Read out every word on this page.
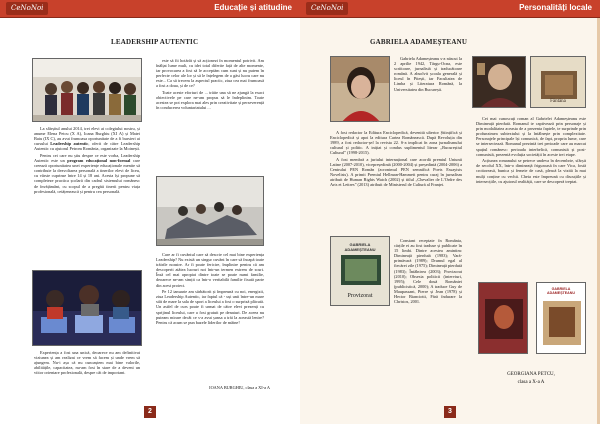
CeNoNoi	Educație și atitudine
LEADERSHIP AUTENTIC

La sfârșitul anului 2014, trei elevi ai colegiului nostru, și anume Elena Petcu (X A), Ioana Burghiu (XI A) și Matei Baiu (IX C), au avut frumoasa oportunitate de a fi bursieri ai cursului Leadership autentic, oferit de către Leadership Autentic cu ajutorul Petrom România, organizate la Moinești.

Pentru cei care nu știu despre ce este vorba, Leadership Autentic este un program educațional non-formal care creează oportunitatea unei experiențe educaționale menite să contribuie la dezvoltarea personală a tinerilor elevi de liceu, cu vârste cuprinse între 14 și 18 ani. Acesta își propune să completeze practica școlară din cadrul sistemului românesc de învățământ, cu scopul de a pregăti tinerii pentru viața profesională, cetățenească și pentru cea personală.

Experiența a fost una unică, deoarece nu am definitivat viziunea și am realizat ce vrem să facem și unde vrem să ajungem. Nu-i așa că nu cunoaștem mai bine valorile, abilitățile, capacitatea, nu-am fost în stare de a deveni un viitor orientare profesională, despre cât de important.

este să fii hotărât și să acționezi în momentul potrivit. Am înălțat lume mult, cu idei total diferite față de alte momente, iar provocarea a fost să le acceptăm cum sunt și nu putem în perfecte celor ale lor și să le înțelegem de a găsi lucru care nu este... Ca să trecem la aspectul practic, ziua cea mai frumoasă a fost a doua, și de ce?

Toate aceste eforturi de ... trăite una să ne ajungă la exact obiectivele pe care ne-am propus să le îndeplinim. Toate acestea se pot explora mai ales prin creativitate și perseverență în conducerea voluntariatului ...

Care ar fi cuvântul care să descrie cel mai bine experiența Leadership? Nu există un singur cuvânt în care să încapă toate trăirile noastre. Ar fi poate fericire, împlinire pentru că am descoperit atâtea lucruri noi într-un termen extrem de scurt. Însă cel mai apropiat dintre toate se poate numi familie, deoarece ne-am simțit ca într-o veritabilă familie fixată parte din acest proiect.

Pe 12 ianuarie am sărbătorit și împreună cu noi, energizii, ziua Leadership Autentic, iar faptul că - uși unii între-un mare stât de mare la sala de sport a liceului a fost o surpriză plăcută. Un astfel de curs poate fi urmat de către elevi prezenți cu sprijinul liceului, care a fost gratuit pe denaturi. De aceea nu puteam mirare decât ce s-a avut șansa a trăi la această lenire? Pentru că acum se pun bazele liderilor de mâine!

IOANA BURGHIU, clasa a XI-a A
2
CeNoNoi	Personalități locale
GABRIELA ADAMEȘTEANU

Gabriela Adameșteanu s-a născut la 2 aprilie 1942, Târgu-Ocna, este scriitoare, jurnalistă și traducătoare română. A absolvit școala generală și liceul în Pitești, iar Facultatea de Limba și Literatura Română, la Universitatea din București.

A fost redactor la Editura Enciclopedică, devenită ulterior Științifică și Enciclopedică și apoi la editura Cartea Românească. După Revoluția din 1989, a fost redactor-șef la revista 22. S-a implicat în zona jurnalismului cultural și politic. A inițiat și condus suplimentul literar „Bucureștiul Cultural” (1998-2015).

A fost membră a juriului internațional care acordă premiul Uniunii Latine (2007-2010), vicepreședintă (2000-2004) și președintă (2004-2006) a Centrului PEN Român (acronimul PEN semnifică Poets Essayists Novelists). A primit Premiul Hellman-Hammett pentru curaj în jurnalism atribuit de Human Rights Watch (2002) și titlul „Chevalier de L’Ordre des Arts et Lettres” (2013) atribuit de Ministerul de Cultură al Franței.

GABRIELA ADAMEȘTEANU
Provizorat

Constant receptate în România, cărțile ei au fost traduse și publicate în 15 limbi. Dintre acestea amintim: Dimineață pierdută (1983); Vară-primăvară (1989); Drumul egal al fiecărei zile (1975); Dimineață pierdută (1983); Întâlnirea (2003); Provizorat (2010); Obsesia politicii (interviuri, 1995); Cele două României (publicistică, 2000); A traduce Guy de Maupassant, Pierre și Jean (1978) și Hector Bianciotti, Fără îndurare la Christos, 2001.

Fântâna

Cei mai cunoscuți roman al Gabrielei Adameșteanu este Dimineață pierdută. Romanul te captivează prin personaje și prin modalitatea aceasta de a prezenta faptele, te surprinde prin profunzimea subtextului și la întâlnește prin complexitate. Personajele principale își comunică, de fapt, propria lume, care se intersectează. Romanul prezintă trei perioade care au marcat spațiul românesc: perioada interbelică, comunistă și post-comunistă, prezentă evoluția societății în aceste trei etape.

Acțiunea romanului se petrece undeva în decembrie, sfârșit de secolul XX, într-o dimineață friguroasă în care Vica, fostă croitoreasă, bunica și femeie de casă, pleacă la vizită la mai mulți conține cu vechii. Cheia este împreună cu discuțiile și intersecțiile, cu ajutorul realității, care se descoperă treptat.

GABRIELA ADAMEȘTEANU
GEORGIANA PETCU,
clasa a X-a A
3
